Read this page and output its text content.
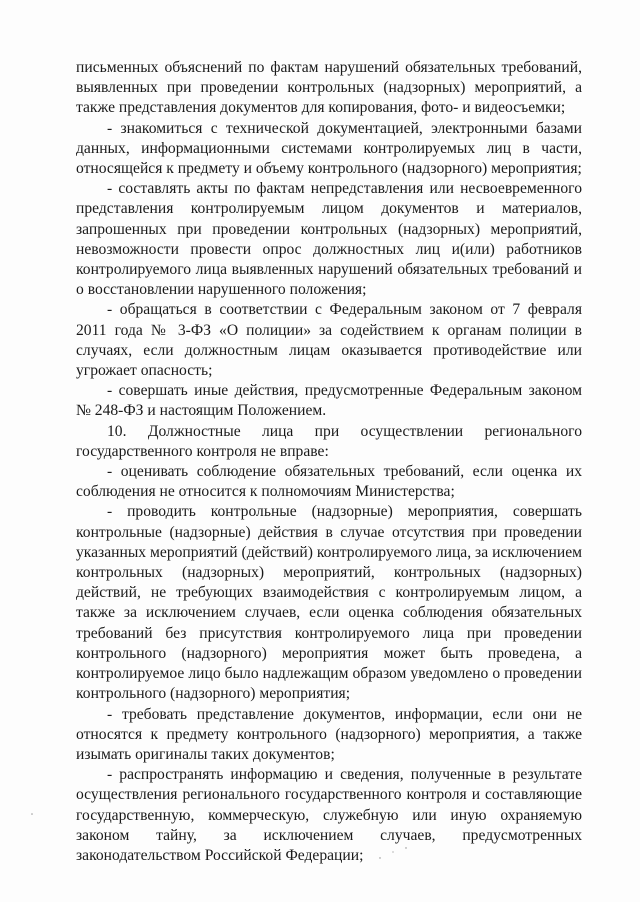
письменных объяснений по фактам нарушений обязательных требований, выявленных при проведении контрольных (надзорных) мероприятий, а также представления документов для копирования, фото- и видеосъемки;

- знакомиться с технической документацией, электронными базами данных, информационными системами контролируемых лиц в части, относящейся к предмету и объему контрольного (надзорного) мероприятия;

- составлять акты по фактам непредставления или несвоевременного представления контролируемым лицом документов и материалов, запрошенных при проведении контрольных (надзорных) мероприятий, невозможности провести опрос должностных лиц и(или) работников контролируемого лица выявленных нарушений обязательных требований и о восстановлении нарушенного положения;

- обращаться в соответствии с Федеральным законом от 7 февраля 2011 года № 3-ФЗ «О полиции» за содействием к органам полиции в случаях, если должностным лицам оказывается противодействие или угрожает опасность;

- совершать иные действия, предусмотренные Федеральным законом № 248-ФЗ и настоящим Положением.

10. Должностные лица при осуществлении регионального государственного контроля не вправе:

- оценивать соблюдение обязательных требований, если оценка их соблюдения не относится к полномочиям Министерства;

- проводить контрольные (надзорные) мероприятия, совершать контрольные (надзорные) действия в случае отсутствия при проведении указанных мероприятий (действий) контролируемого лица, за исключением контрольных (надзорных) мероприятий, контрольных (надзорных) действий, не требующих взаимодействия с контролируемым лицом, а также за исключением случаев, если оценка соблюдения обязательных требований без присутствия контролируемого лица при проведении контрольного (надзорного) мероприятия может быть проведена, а контролируемое лицо было надлежащим образом уведомлено о проведении контрольного (надзорного) мероприятия;

- требовать представление документов, информации, если они не относятся к предмету контрольного (надзорного) мероприятия, а также изымать оригиналы таких документов;

- распространять информацию и сведения, полученные в результате осуществления регионального государственного контроля и составляющие государственную, коммерческую, служебную или иную охраняемую законом тайну, за исключением случаев, предусмотренных законодательством Российской Федерации;
